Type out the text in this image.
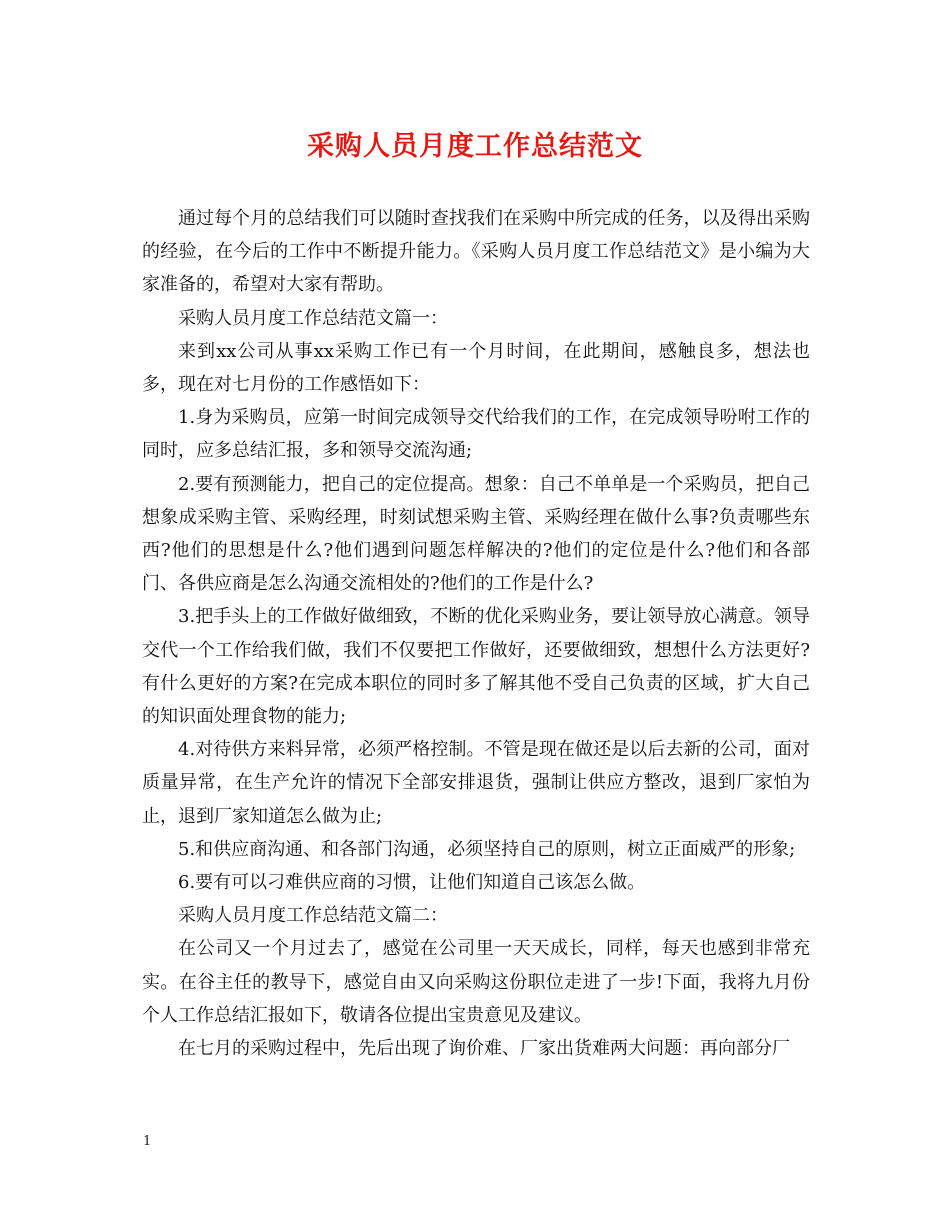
采购人员月度工作总结范文

通过每个月的总结我们可以随时查找我们在采购中所完成的任务，以及得出采购的经验，在今后的工作中不断提升能力。《采购人员月度工作总结范文》是小编为大家准备的，希望对大家有帮助。

采购人员月度工作总结范文篇一：

来到xx公司从事xx采购工作已有一个月时间，在此期间，感触良多，想法也多，现在对七月份的工作感悟如下：

1.身为采购员，应第一时间完成领导交代给我们的工作，在完成领导吩咐工作的同时，应多总结汇报，多和领导交流沟通;

2.要有预测能力，把自己的定位提高。想象：自己不单单是一个采购员，把自己想象成采购主管、采购经理，时刻试想采购主管、采购经理在做什么事?负责哪些东西?他们的思想是什么?他们遇到问题怎样解决的?他们的定位是什么?他们和各部门、各供应商是怎么沟通交流相处的?他们的工作是什么?

3.把手头上的工作做好做细致，不断的优化采购业务，要让领导放心满意。领导交代一个工作给我们做，我们不仅要把工作做好，还要做细致，想想什么方法更好?有什么更好的方案?在完成本职位的同时多了解其他不受自己负责的区域，扩大自己的知识面处理食物的能力;

4.对待供方来料异常，必须严格控制。不管是现在做还是以后去新的公司，面对质量异常，在生产允许的情况下全部安排退货，强制让供应方整改，退到厂家怕为止，退到厂家知道怎么做为止;

5.和供应商沟通、和各部门沟通，必须坚持自己的原则，树立正面威严的形象;

6.要有可以刁难供应商的习惯，让他们知道自己该怎么做。

采购人员月度工作总结范文篇二：

在公司又一个月过去了，感觉在公司里一天天成长，同样，每天也感到非常充实。在谷主任的教导下，感觉自由又向采购这份职位走进了一步!下面，我将九月份个人工作总结汇报如下，敬请各位提出宝贵意见及建议。

在七月的采购过程中，先后出现了询价难、厂家出货难两大问题：再向部分厂

1
